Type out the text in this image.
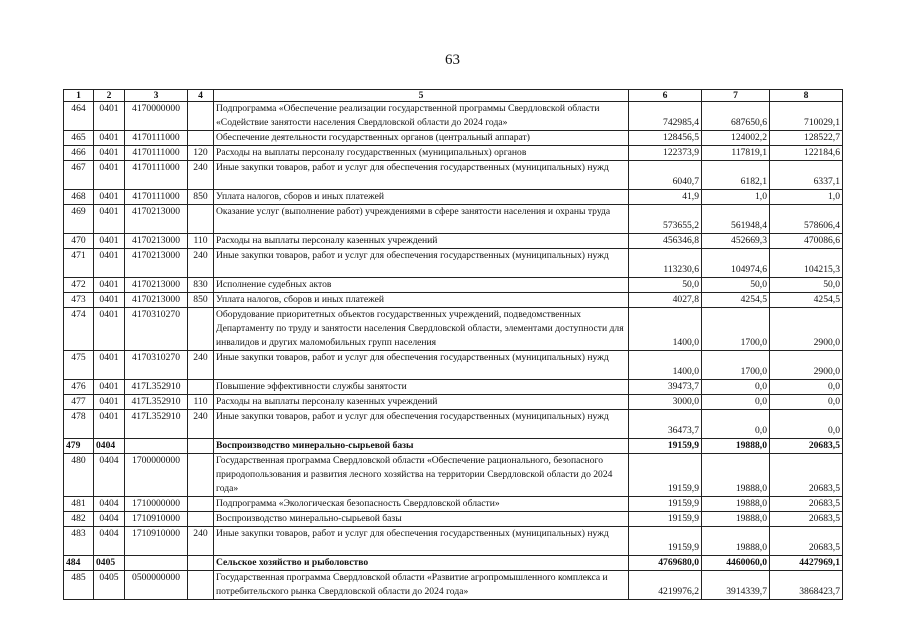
63
1	2	3	4	5	6	7	8
464	0401	4170000000		Подпрограмма «Обеспечение реализации государственной программы Свердловской области «Содействие занятости населения Свердловской области до 2024 года»	742985,4	687650,6	710029,1
465	0401	4170111000		Обеспечение деятельности государственных органов (центральный аппарат)	128456,5	124002,2	128522,7
466	0401	4170111000	120	Расходы на выплаты персоналу государственных (муниципальных) органов	122373,9	117819,1	122184,6
467	0401	4170111000	240	Иные закупки товаров, работ и услуг для обеспечения государственных (муниципальных) нужд	6040,7	6182,1	6337,1
468	0401	4170111000	850	Уплата налогов, сборов и иных платежей	41,9	1,0	1,0
469	0401	4170213000		Оказание услуг (выполнение работ) учреждениями в сфере занятости населения и охраны труда	573655,2	561948,4	578606,4
470	0401	4170213000	110	Расходы на выплаты персоналу казенных учреждений	456346,8	452669,3	470086,6
471	0401	4170213000	240	Иные закупки товаров, работ и услуг для обеспечения государственных (муниципальных) нужд	113230,6	104974,6	104215,3
472	0401	4170213000	830	Исполнение судебных актов	50,0	50,0	50,0
473	0401	4170213000	850	Уплата налогов, сборов и иных платежей	4027,8	4254,5	4254,5
474	0401	4170310270		Оборудование приоритетных объектов государственных учреждений, подведомственных Департаменту по труду и занятости населения Свердловской области, элементами доступности для инвалидов и других маломобильных групп населения	1400,0	1700,0	2900,0
475	0401	4170310270	240	Иные закупки товаров, работ и услуг для обеспечения государственных (муниципальных) нужд	1400,0	1700,0	2900,0
476	0401	417L352910		Повышение эффективности службы занятости	39473,7	0,0	0,0
477	0401	417L352910	110	Расходы на выплаты персоналу казенных учреждений	3000,0	0,0	0,0
478	0401	417L352910	240	Иные закупки товаров, работ и услуг для обеспечения государственных (муниципальных) нужд	36473,7	0,0	0,0
479	0404			Воспроизводство минерально-сырьевой базы	19159,9	19888,0	20683,5
480	0404	1700000000		Государственная программа Свердловской области «Обеспечение рационального, безопасного природопользования и развития лесного хозяйства на территории Свердловской области до 2024 года»	19159,9	19888,0	20683,5
481	0404	1710000000		Подпрограмма «Экологическая безопасность Свердловской области»	19159,9	19888,0	20683,5
482	0404	1710910000		Воспроизводство минерально-сырьевой базы	19159,9	19888,0	20683,5
483	0404	1710910000	240	Иные закупки товаров, работ и услуг для обеспечения государственных (муниципальных) нужд	19159,9	19888,0	20683,5
484	0405			Сельское хозяйство и рыболовство	4769680,0	4460060,0	4427969,1
485	0405	0500000000		Государственная программа Свердловской области «Развитие агропромышленного комплекса и потребительского рынка Свердловской области до 2024 года»	4219976,2	3914339,7	3868423,7
